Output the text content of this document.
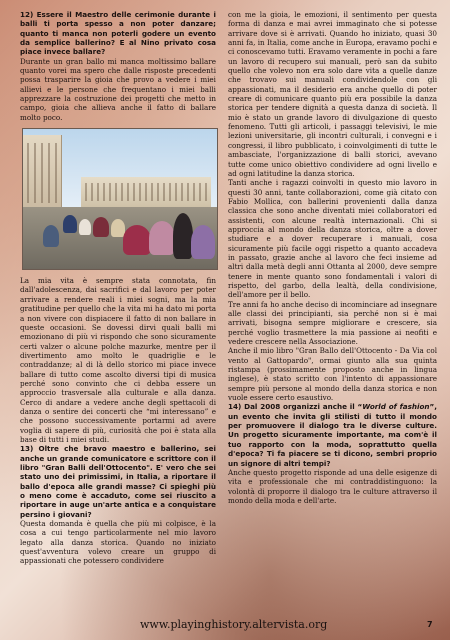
12) Essere il Maestro delle cerimonie durante i balli ti porta spesso a non poter danzare; quanto ti manca non poterli godere un evento da semplice ballerino? E al Nino privato cosa piace invece ballare?

Durante un gran ballo mi manca moltissimo ballare quanto vorei ma spero che dalle risposte precedenti possa trasparire la gioia che provo a vedere i miei allievi e le persone che frequentano i miei balli apprezzare la costruzione dei progetti che metto in campo, gioia che allieva anche il fatto di ballare molto poco.

La mia vita è sempre stata connotata, fin dall'adolescenza, dai sacrifici e dal lavoro per poter arrivare a rendere reali i miei sogni, ma la mia gratitudine per quello che la vita mi ha dato mi porta a non vivere con dispiacere il fatto di non ballare in queste occasioni. Se dovessi dirvi quali balli mi emozionano di più vi rispondo che sono sicuramente certi valzer o alcune polche mazurke, mentre per il divertimento amo molto le quadriglie e le contraddanze; al di là dello storico mi piace invece ballare di tutto come ascolto diversi tipi di musica perché sono convinto che ci debba essere un approccio trasversale alla culturale e alla danza. Cerco di andare a vedere anche degli spettacoli di danza o sentire dei concerti che “mi interessano” e che possono successivamente portarmi ad avere voglia di sapere di più, curiosità che poi è stata alla base di tutti i miei studi.

13) Oltre che bravo maestro e ballerino, sei anche un grande comunicatore e scrittore con il libro "Gran Balli dell'Ottocento". E' vero che sei stato uno dei primissimi, in Italia, a riportare il ballo d'epoca alle grandi masse? Ci spieghi più o meno come è accaduto, come sei riuscito a riportare in auge un'arte antica e a conquistare persino i giovani?

Questa domanda è quella che più mi colpisce, è la cosa a cui tengo particolarmente nel mio lavoro legato alla danza storica. Quando no iniziato quest'avventura volevo creare un gruppo di appassionati che potessero condividere

con me la gioia, le emozioni, il sentimento per questa forma di danza e mai avrei immaginato che si potesse arrivare dove si è arrivati. Quando ho iniziato, quasi 30 anni fa, in Italia, come anche in Europa, eravamo pochi e ci conoscevamo tutti. Eravamo veramente in pochi a fare un lavoro di recupero sui manuali, però san da subito quello che volevo non era solo dare vita a quelle danze che trovavo sui manuali condividendole con gli appassionati, ma il desiderio era anche quello di poter creare di comunicare quanto più era possibile la danza storica per tendere dignità a questa danza di società. Il mio è stato un grande lavoro di divulgazione di questo fenomeno. Tutti gli articoli, i passaggi televisivi, le mie lezioni universitarie, gli incontri culturali, i convegni e i congressi, il libro pubblicato, i coinvolgimenti di tutte le ambasciate, l'organizzazione di balli storici, avevano tutte come unico obiettivo condividere ad ogni livello e ad ogni latitudine la danza storica.

Tanti anche i ragazzi coinvolti in questo mio lavoro in questi 30 anni, tante collaborazioni, come già citato con Fabio Mollica, con ballerini provenienti dalla danza classica che sono anche diventati miei collaboratori ed assistenti, con alcune realtà internazionali. Chi si approccia al mondo della danza storica, oltre a dover studiare e a dover recuperare i manuali, cosa sicuramente più facile oggi rispetto a quanto accadeva in passato, grazie anche al lavoro che feci insieme ad altri dalla metà degli anni Ottanta al 2000, deve sempre tenere in mente quanto sono fondamentali i valori di rispetto, del garbo, della lealtà, della condivisione, dell'amore per il bello.

Tre anni fa ho anche deciso di incominciare ad insegnare alle classi dei principianti, sia perché non si è mai arrivati, bisogna sempre migliorare e crescere, sia perché voglio trasmettere la mia passione ai neofiti e vedere crescere nella Associazione.

Anche il mio libro "Gran Ballo dell'Ottocento - Da Via col vento al Gattopardo", ormai giunto alla sua quinta ristampa (prossimamente proposto anche in lingua inglese), è stato scritto con l'intento di appassionare sempre più persone al mondo della danza storica e non vuole essere certo esaustivo.

14) Dal 2008 organizzi anche il “World of fashion”, un evento che invita gli stilisti di tutto il mondo per promuovere il dialogo tra le diverse culture. Un progetto sicuramente importante, ma com'è il tuo rapporto con la moda, soprattutto quella d'epoca? Ti fa piacere se ti dicono, sembri proprio un signore di altri tempi?

Anche questo progetto risponde ad una delle esigenze di vita e professionale che mi contraddistinguono: la volontà di proporre il dialogo tra le culture attraverso il mondo della moda e dell'arte.

www.playinghistory.altervista.org	7
